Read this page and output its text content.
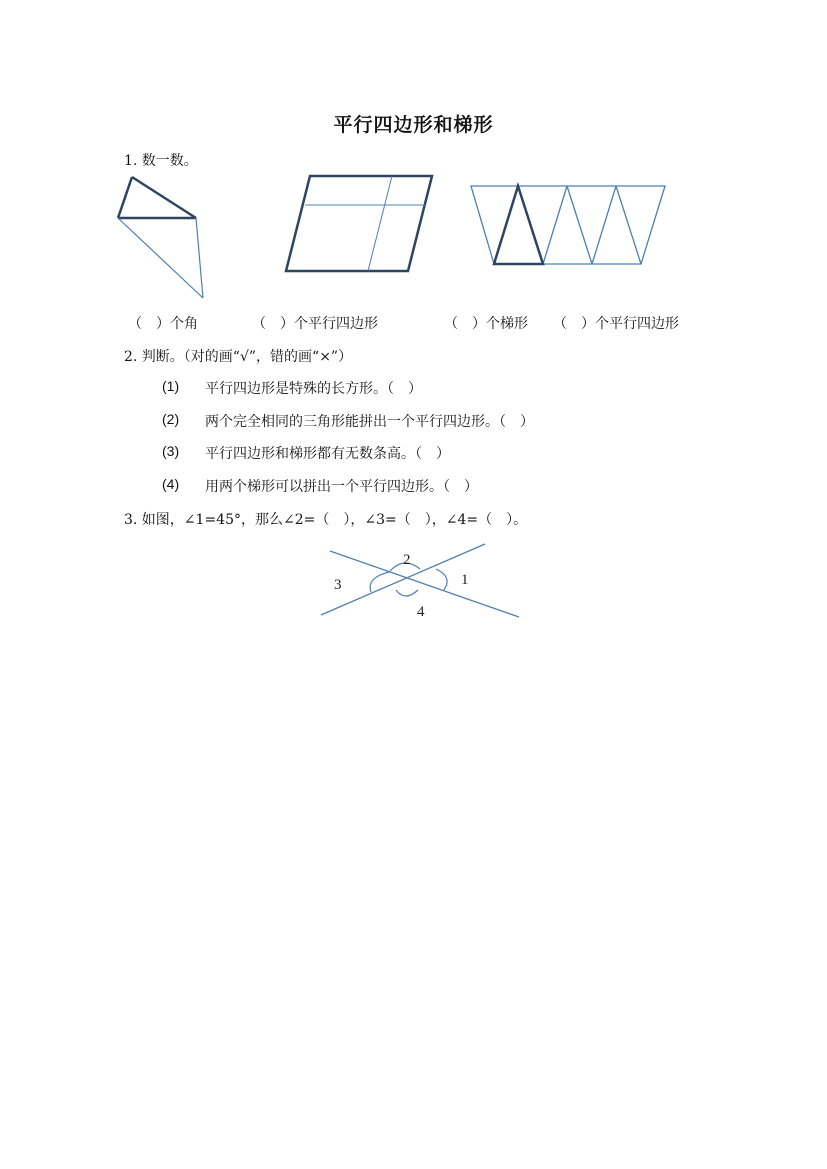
平行四边形和梯形
1. 数一数。
1
2
3
4
（　）个角	（　）个平行四边形	（　）个梯形 （　）个平行四边形
2. 判断。（对的画“√”，错的画“×”）
(1) 平行四边形是特殊的长方形。（　）
(2) 两个完全相同的三角形能拼出一个平行四边形。（　）
(3) 平行四边形和梯形都有无数条高。（　）
(4) 用两个梯形可以拼出一个平行四边形。（　）
3. 如图，∠1=45°，那么∠2=（　），∠3=（　），∠4=（　）。
